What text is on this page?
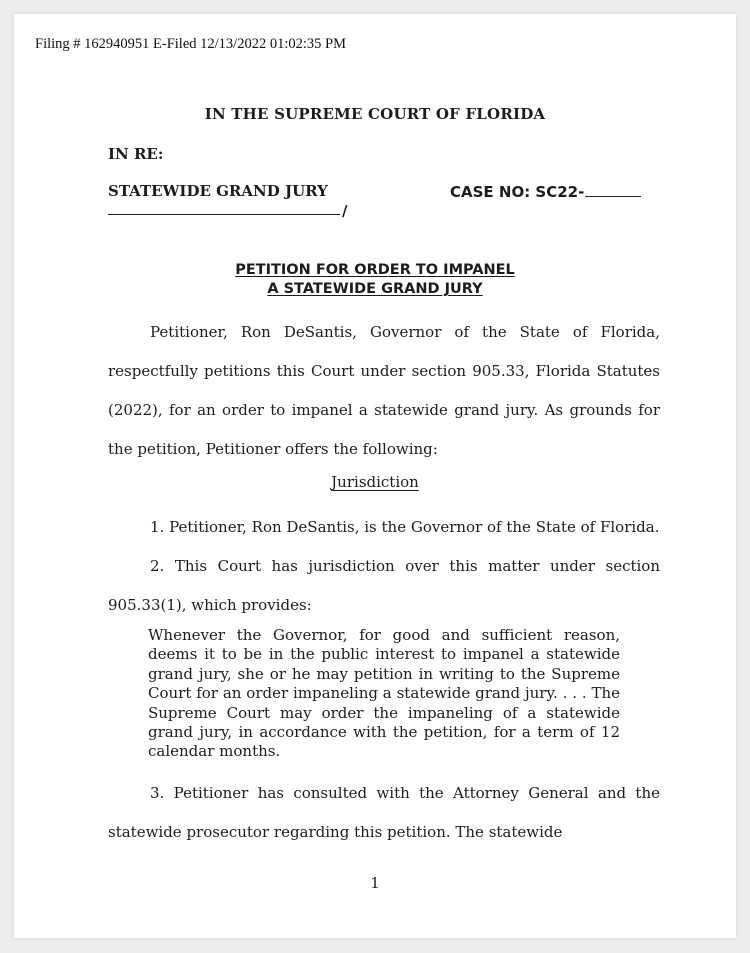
Filing # 162940951 E-Filed 12/13/2022 01:02:35 PM
IN THE SUPREME COURT OF FLORIDA
IN RE:
STATEWIDE GRAND JURY	CASE NO: SC22-
/
PETITION FOR ORDER TO IMPANEL
A STATEWIDE GRAND JURY
Petitioner, Ron DeSantis, Governor of the State of Florida, respectfully petitions this Court under section 905.33, Florida Statutes (2022), for an order to impanel a statewide grand jury. As grounds for the petition, Petitioner offers the following:
Jurisdiction
1. Petitioner, Ron DeSantis, is the Governor of the State of Florida.
2. This Court has jurisdiction over this matter under section 905.33(1), which provides:
Whenever the Governor, for good and sufficient reason, deems it to be in the public interest to impanel a statewide grand jury, she or he may petition in writing to the Supreme Court for an order impaneling a statewide grand jury. . . . The Supreme Court may order the impaneling of a statewide grand jury, in accordance with the petition, for a term of 12 calendar months.
3. Petitioner has consulted with the Attorney General and the statewide prosecutor regarding this petition. The statewide
1
